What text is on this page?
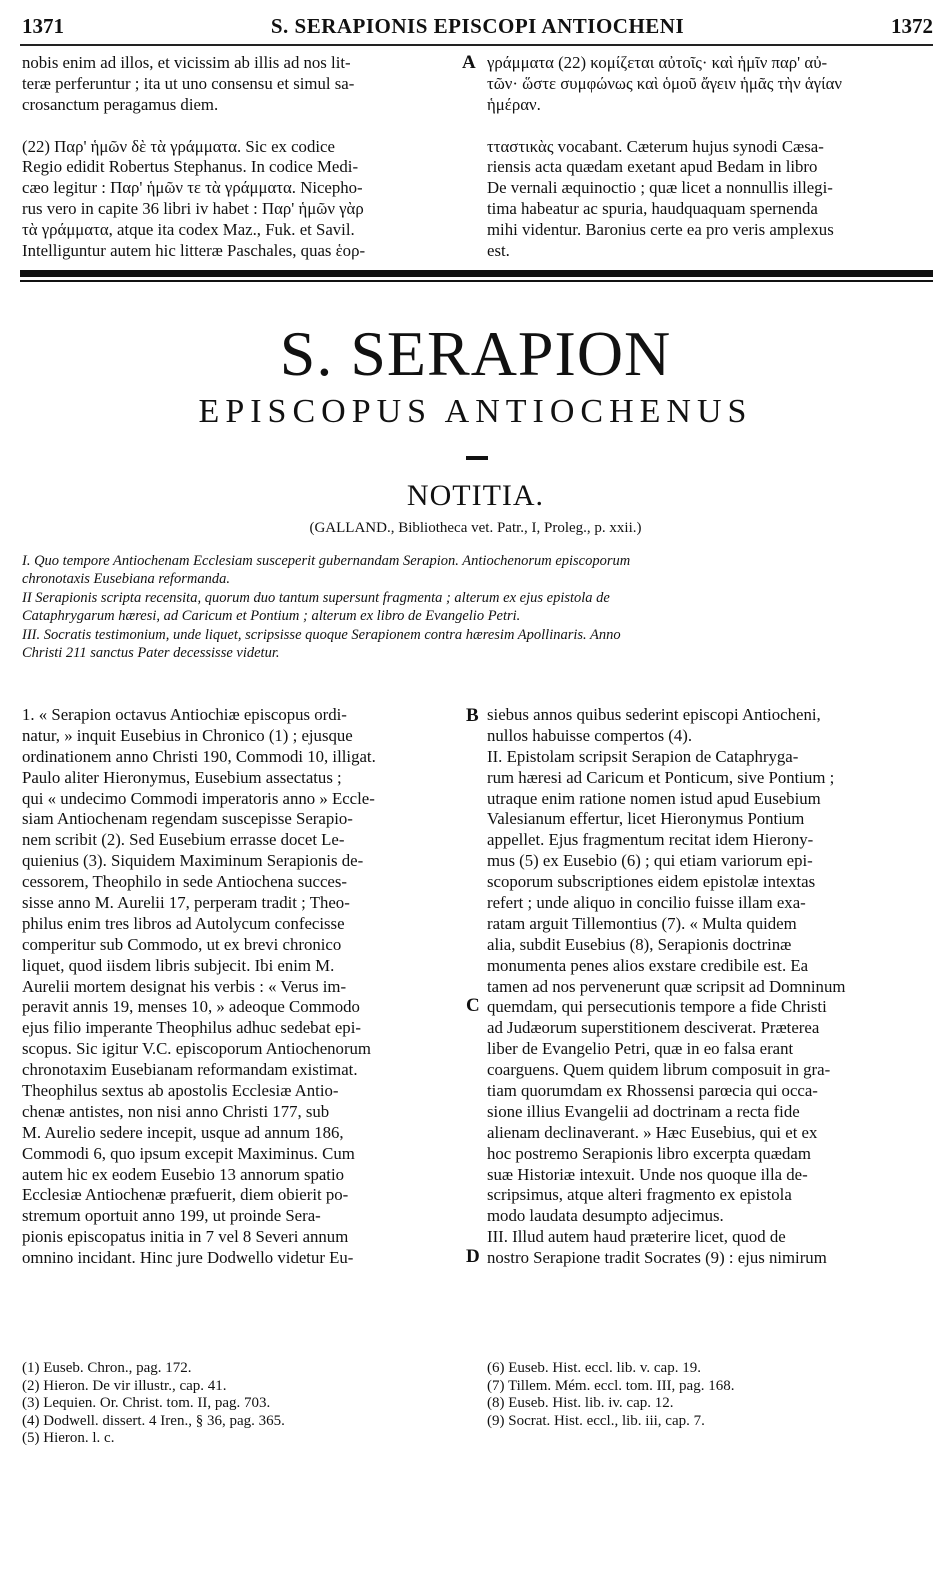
1371	S. SERAPIONIS EPISCOPI ANTIOCHENI	1372
nobis enim ad illos, et vicissim ab illis ad nos lit-
teræ perferuntur ; ita ut uno consensu et simul sa-
crosanctum peragamus diem.

(22) Παρ' ἡμῶν δὲ τὰ γράμματα. Sic ex codice
Regio edidit Robertus Stephanus. In codice Medi-
cæo legitur : Παρ' ἡμῶν τε τὰ γράμματα. Nicepho-
rus vero in capite 36 libri iv habet : Παρ' ἡμῶν γὰρ
τὰ γράμματα, atque ita codex Maz., Fuk. et Savil.
Intelliguntur autem hic litteræ Paschales, quas ἑορ-
γράμματα (22) κομίζεται αὐτοῖς· καὶ ἡμῖν παρ' αὐ-
τῶν· ὥστε συμφώνως καὶ ὁμοῦ ἄγειν ἡμᾶς τὴν ἁγίαν
ἡμέραν.

τταστικὰς vocabant. Cæterum hujus synodi Cæsa-
riensis acta quædam exetant apud Bedam in libro
De vernali æquinoctio ; quæ licet a nonnullis illegi-
tima habeatur ac spuria, haudquaquam spernenda
mihi videntur. Baronius certe ea pro veris amplexus
est.
A
S. SERAPION
EPISCOPUS ANTIOCHENUS
NOTITIA.
(GALLAND., Bibliotheca vet. Patr., I, Proleg., p. xxii.)
I. Quo tempore Antiochenam Ecclesiam susceperit gubernandam Serapion. Antiochenorum episcoporum
chronotaxis Eusebiana reformanda.
II Serapionis scripta recensita, quorum duo tantum supersunt fragmenta ; alterum ex ejus epistola de
Cataphrygarum hæresi, ad Caricum et Pontium ; alterum ex libro de Evangelio Petri.
III. Socratis testimonium, unde liquet, scripsisse quoque Serapionem contra hæresim Apollinaris. Anno
Christi 211 sanctus Pater decessisse videtur.
1. « Serapion octavus Antiochiæ episcopus ordi-
natur, » inquit Eusebius in Chronico (1) ; ejusque
ordinationem anno Christi 190, Commodi 10, illigat.
Paulo aliter Hieronymus, Eusebium assectatus ;
qui « undecimo Commodi imperatoris anno » Eccle-
siam Antiochenam regendam suscepisse Serapio-
nem scribit (2). Sed Eusebium errasse docet Le-
quienius (3). Siquidem Maximinum Serapionis de-
cessorem, Theophilo in sede Antiochena succes-
sisse anno M. Aurelii 17, perperam tradit ; Theo-
philus enim tres libros ad Autolycum confecisse
comperitur sub Commodo, ut ex brevi chronico
liquet, quod iisdem libris subjecit. Ibi enim M.
Aurelii mortem designat his verbis : « Verus im-
peravit annis 19, menses 10, » adeoque Commodo
ejus filio imperante Theophilus adhuc sedebat epi-
scopus. Sic igitur V.C. episcoporum Antiochenorum
chronotaxim Eusebianam reformandam existimat.
Theophilus sextus ab apostolis Ecclesiæ Antio-
chenæ antistes, non nisi anno Christi 177, sub
M. Aurelio sedere incepit, usque ad annum 186,
Commodi 6, quo ipsum excepit Maximinus. Cum
autem hic ex eodem Eusebio 13 annorum spatio
Ecclesiæ Antiochenæ præfuerit, diem obierit po-
stremum oportuit anno 199, ut proinde Sera-
pionis episcopatus initia in 7 vel 8 Severi annum
omnino incidant. Hinc jure Dodwello videtur Eu-
siebus annos quibus sederint episcopi Antiocheni,
nullos habuisse compertos (4).
II. Epistolam scripsit Serapion de Cataphryga-
rum hæresi ad Caricum et Ponticum, sive Pontium ;
utraque enim ratione nomen istud apud Eusebium
Valesianum effertur, licet Hieronymus Pontium
appellet. Ejus fragmentum recitat idem Hierony-
mus (5) ex Eusebio (6) ; qui etiam variorum epi-
scoporum subscriptiones eidem epistolæ intextas
refert ; unde aliquo in concilio fuisse illam exa-
ratam arguit Tillemontius (7). « Multa quidem
alia, subdit Eusebius (8), Serapionis doctrinæ
monumenta penes alios exstare credibile est. Ea
tamen ad nos pervenerunt quæ scripsit ad Domninum
quemdam, qui persecutionis tempore a fide Christi
ad Judæorum superstitionem desciverat. Præterea
liber de Evangelio Petri, quæ in eo falsa erant
coarguens. Quem quidem librum composuit in gra-
tiam quorumdam ex Rhossensi parœcia qui occa-
sione illius Evangelii ad doctrinam a recta fide
alienam declinaverant. » Hæc Eusebius, qui et ex
hoc postremo Serapionis libro excerpta quædam
suæ Historiæ intexuit. Unde nos quoque illa de-
scripsimus, atque alteri fragmento ex epistola
modo laudata desumpto adjecimus.
III. Illud autem haud præterire licet, quod de
nostro Serapione tradit Socrates (9) : ejus nimirum
B
C
D
(1) Euseb. Chron., pag. 172.
(2) Hieron. De vir illustr., cap. 41.
(3) Lequien. Or. Christ. tom. II, pag. 703.
(4) Dodwell. dissert. 4 Iren., § 36, pag. 365.
(5) Hieron. l. c.
(6) Euseb. Hist. eccl. lib. v. cap. 19.
(7) Tillem. Mém. eccl. tom. III, pag. 168.
(8) Euseb. Hist. lib. iv. cap. 12.
(9) Socrat. Hist. eccl., lib. iii, cap. 7.
